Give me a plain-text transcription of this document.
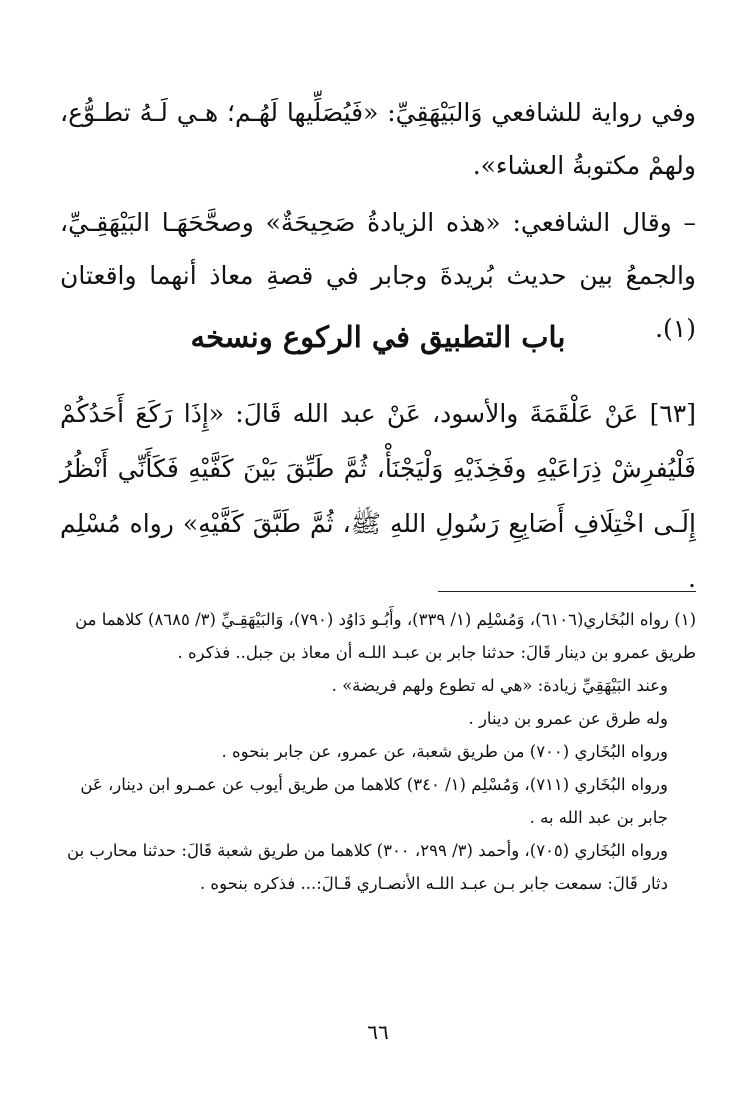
وفي رواية للشافعي وَالبَيْهَقِيِّ: «فَيُصَلِّيها لَهُـم؛ هـي لَـهُ تطـوُّع، ولهمْ مكتوبةُ العشاء».

– وقال الشافعي: «هذه الزيادةُ صَحِيحَةٌ» وصحَّحَهَـا البَيْهَقِـيِّ، والجمعُ بين حديث بُريدةَ وجابر في قصةِ معاذ أنهما واقعتان (١).

باب التطبيق في الركوع ونسخه

[٦٣] عَنْ عَلْقَمَةَ والأسود، عَنْ عبد الله قَالَ: «إِذَا رَكَعَ أَحَدُكُمْ فَلْيُفرِشْ ذِرَاعَيْهِ وفَخِذَيْهِ وَلْيَجْنَأْ، ثُمَّ طَبِّقَ بَيْنَ كَفَّيْهِ فَكَأَنِّي أَنْظُرُ إِلَـى اخْتِلَافِ أَصَابِعِ رَسُولِ اللهِ ﷺ، ثُمَّ طَبَّقَ كَفَّيْهِ» رواه مُسْلِم .

(١) رواه البُخَاري(٦١٠٦)، وَمُسْلِم (١/ ٣٣٩)، وأَبُـو دَاوُد (٧٩٠)، وَالبَيْهَقِـيِّ (٣/ ٨٦٨٥) كلاهما من طريق عمرو بن دينار قَالَ: حدثنا جابر بن عبـد اللـه أن معاذ بن جبل.. فذكره .

وعند البَيْهَقِيِّ زيادة: «هي له تطوع ولهم فريضة» .

وله طرق عن عمرو بن دينار .

ورواه البُخَاري (٧٠٠) من طريق شعبة، عن عمرو، عن جابر بنحوه .

ورواه البُخَاري (٧١١)، وَمُسْلِم (١/ ٣٤٠) كلاهما من طريق أيوب عن عمـرو ابن دينار، عَن جابر بن عبد الله به .

ورواه البُخَاري (٧٠٥)، وأحمد (٣/ ٢٩٩، ٣٠٠) كلاهما من طريق شعبة قَالَ: حدثنا محارب بن دثار قَالَ: سمعت جابر بـن عبـد اللـه الأنصـاري قَـالَ:... فذكره بنحوه .

٦٦
